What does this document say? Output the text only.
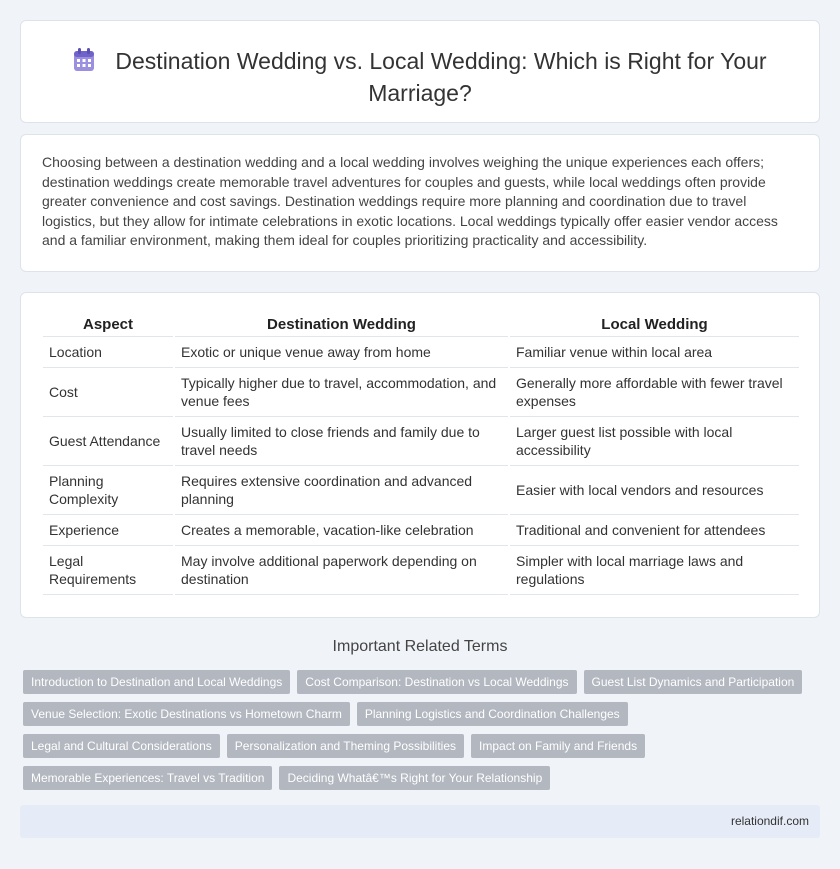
Destination Wedding vs. Local Wedding: Which is Right for Your Marriage?

Choosing between a destination wedding and a local wedding involves weighing the unique experiences each offers; destination weddings create memorable travel adventures for couples and guests, while local weddings often provide greater convenience and cost savings. Destination weddings require more planning and coordination due to travel logistics, but they allow for intimate celebrations in exotic locations. Local weddings typically offer easier vendor access and a familiar environment, making them ideal for couples prioritizing practicality and accessibility.

Aspect	Destination Wedding	Local Wedding
Location	Exotic or unique venue away from home	Familiar venue within local area
Cost	Typically higher due to travel, accommodation, and venue fees	Generally more affordable with fewer travel expenses
Guest Attendance	Usually limited to close friends and family due to travel needs	Larger guest list possible with local accessibility
Planning Complexity	Requires extensive coordination and advanced planning	Easier with local vendors and resources
Experience	Creates a memorable, vacation-like celebration	Traditional and convenient for attendees
Legal Requirements	May involve additional paperwork depending on destination	Simpler with local marriage laws and regulations
Important Related Terms
Introduction to Destination and Local Weddings	Cost Comparison: Destination vs Local Weddings	Guest List Dynamics and Participation
Venue Selection: Exotic Destinations vs Hometown Charm	Planning Logistics and Coordination Challenges
Legal and Cultural Considerations	Personalization and Theming Possibilities	Impact on Family and Friends
Memorable Experiences: Travel vs Tradition	Deciding Whatâ€™s Right for Your Relationship
relationdif.com
